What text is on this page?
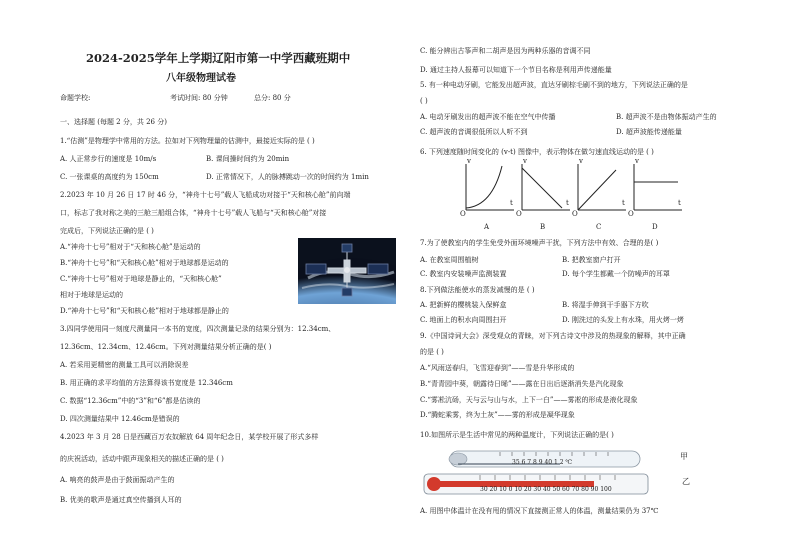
2024-2025学年上学期辽阳市第一中学西藏班期中
八年级物理试卷
命题学校:	考试时间: 80 分钟	总分: 80 分
一、选择题 (每题 2 分，共 26 分)
1.“估测”是物理学中常用的方法。拉如对下列物理量的估测中，最接近实际的是 ( )
A. 人正常步行的速度是 10m/s	B. 课间操时间约为 20min
C. 一张课桌的高度约为 150cm	D. 正常情况下，人的脉搏跳动一次的时间约为 1min
2.2023 年 10 月 26 日 17 时 46 分，“神舟十七号”载人飞船成功对接于“天和核心舱”前向端
口，标志了我对称之美的三舱三船组合体，“神舟十七号”载人飞船与“天和核心舱”对接
完成后，下列说法正确的是 ( )
A.“神舟十七号”相对于“天和核心舱”是运动的
B.“神舟十七号”和“天和核心舱”相对于地球都是运动的
C.“神舟十七号”相对于地球是静止的，“天和核心舱”
相对于地球是运动的
D.“神舟十七号”和“天和核心舱”相对于地球都是静止的
3.四同学使用同一刻度尺测量同一本书的宽度，四次测量记录的结果分别为：12.34cm、
12.36cm、12.34cm、12.46cm。下列对测量结果分析正确的是( )
A. 若采用更精密的测量工具可以消除误差
B. 用正确的求平均值的方法算得该书宽度是 12.346cm
C. 数据“12.36cm”中的“3”和“6”都是估读的
D. 四次测量结果中 12.46cm是错误的
4.2023 年 3 月 28 日是西藏百万农奴解放 64 周年纪念日，某学校开展了形式多样
的庆祝活动，活动中跟声现象相关的描述正确的是 ( )
A. 响亮的鼓声是由于鼓面振动产生的
B. 优美的歌声是通过真空传播到人耳的
C. 能分辨出古筝声和二胡声是因为两种乐器的音调不同
D. 通过主持人报幕可以知道下一个节目名称是利用声传递能量
5. 有一种电动牙刷，它能发出超声波，直达牙刷棕毛刷不到的地方，下列说法正确的是
( )
A. 电动牙刷发出的超声波不能在空气中传播	B. 超声波不是由物体振动产生的
C. 超声波的音调很低所以人听不到	D. 超声波能传递能量
6. 下列速度随时间变化的 (v-t) 图像中，表示物体在做匀速直线运动的是 ( )
v	v	v	v
t	t	t	t
O	O	O	O
A	B	C	D
7.为了使教室内的学生免受外面环境噪声干扰，下列方法中有效、合理的是( )
A. 在教室周围植树	B. 把教室窗户打开
C. 教室内安装噪声监测装置	D. 每个学生都戴一个防噪声的耳罩
8.下列做法能使水的蒸发减慢的是 ( )
A. 把新鲜的樱桃装入保鲜盒	B. 将湿手伸到干手器下方吹
C. 地面上的积水向周围扫开	D. 刚洗过的头发上有水珠，用火烤一烤
9.《中国诗词大会》深受观众的青睐，对下列古诗文中涉及的热现象的解释，其中正确
的是 ( )
A.“风雨送春归，飞雪迎春到”——雪是升华形成的
B.“青青园中葵，朝露待日晞”——露在日出后逐渐消失是汽化现象
C.“雾凇沆砀，天与云与山与水，上下一白”——雾凇的形成是液化现象
D.“腾蛇乘雾，终为土灰”——雾的形成是凝华现象
10.如图所示是生活中常见的两种温度计，下列说法正确的是( )
35 6 7 8 9 40 1 2 ℃
甲
30 20 10 0 10 20 30 40 50 60 70 80 90 100
乙
A. 用图中体温计在没有甩的情况下直接测正常人的体温，测量结果仍为 37℃
